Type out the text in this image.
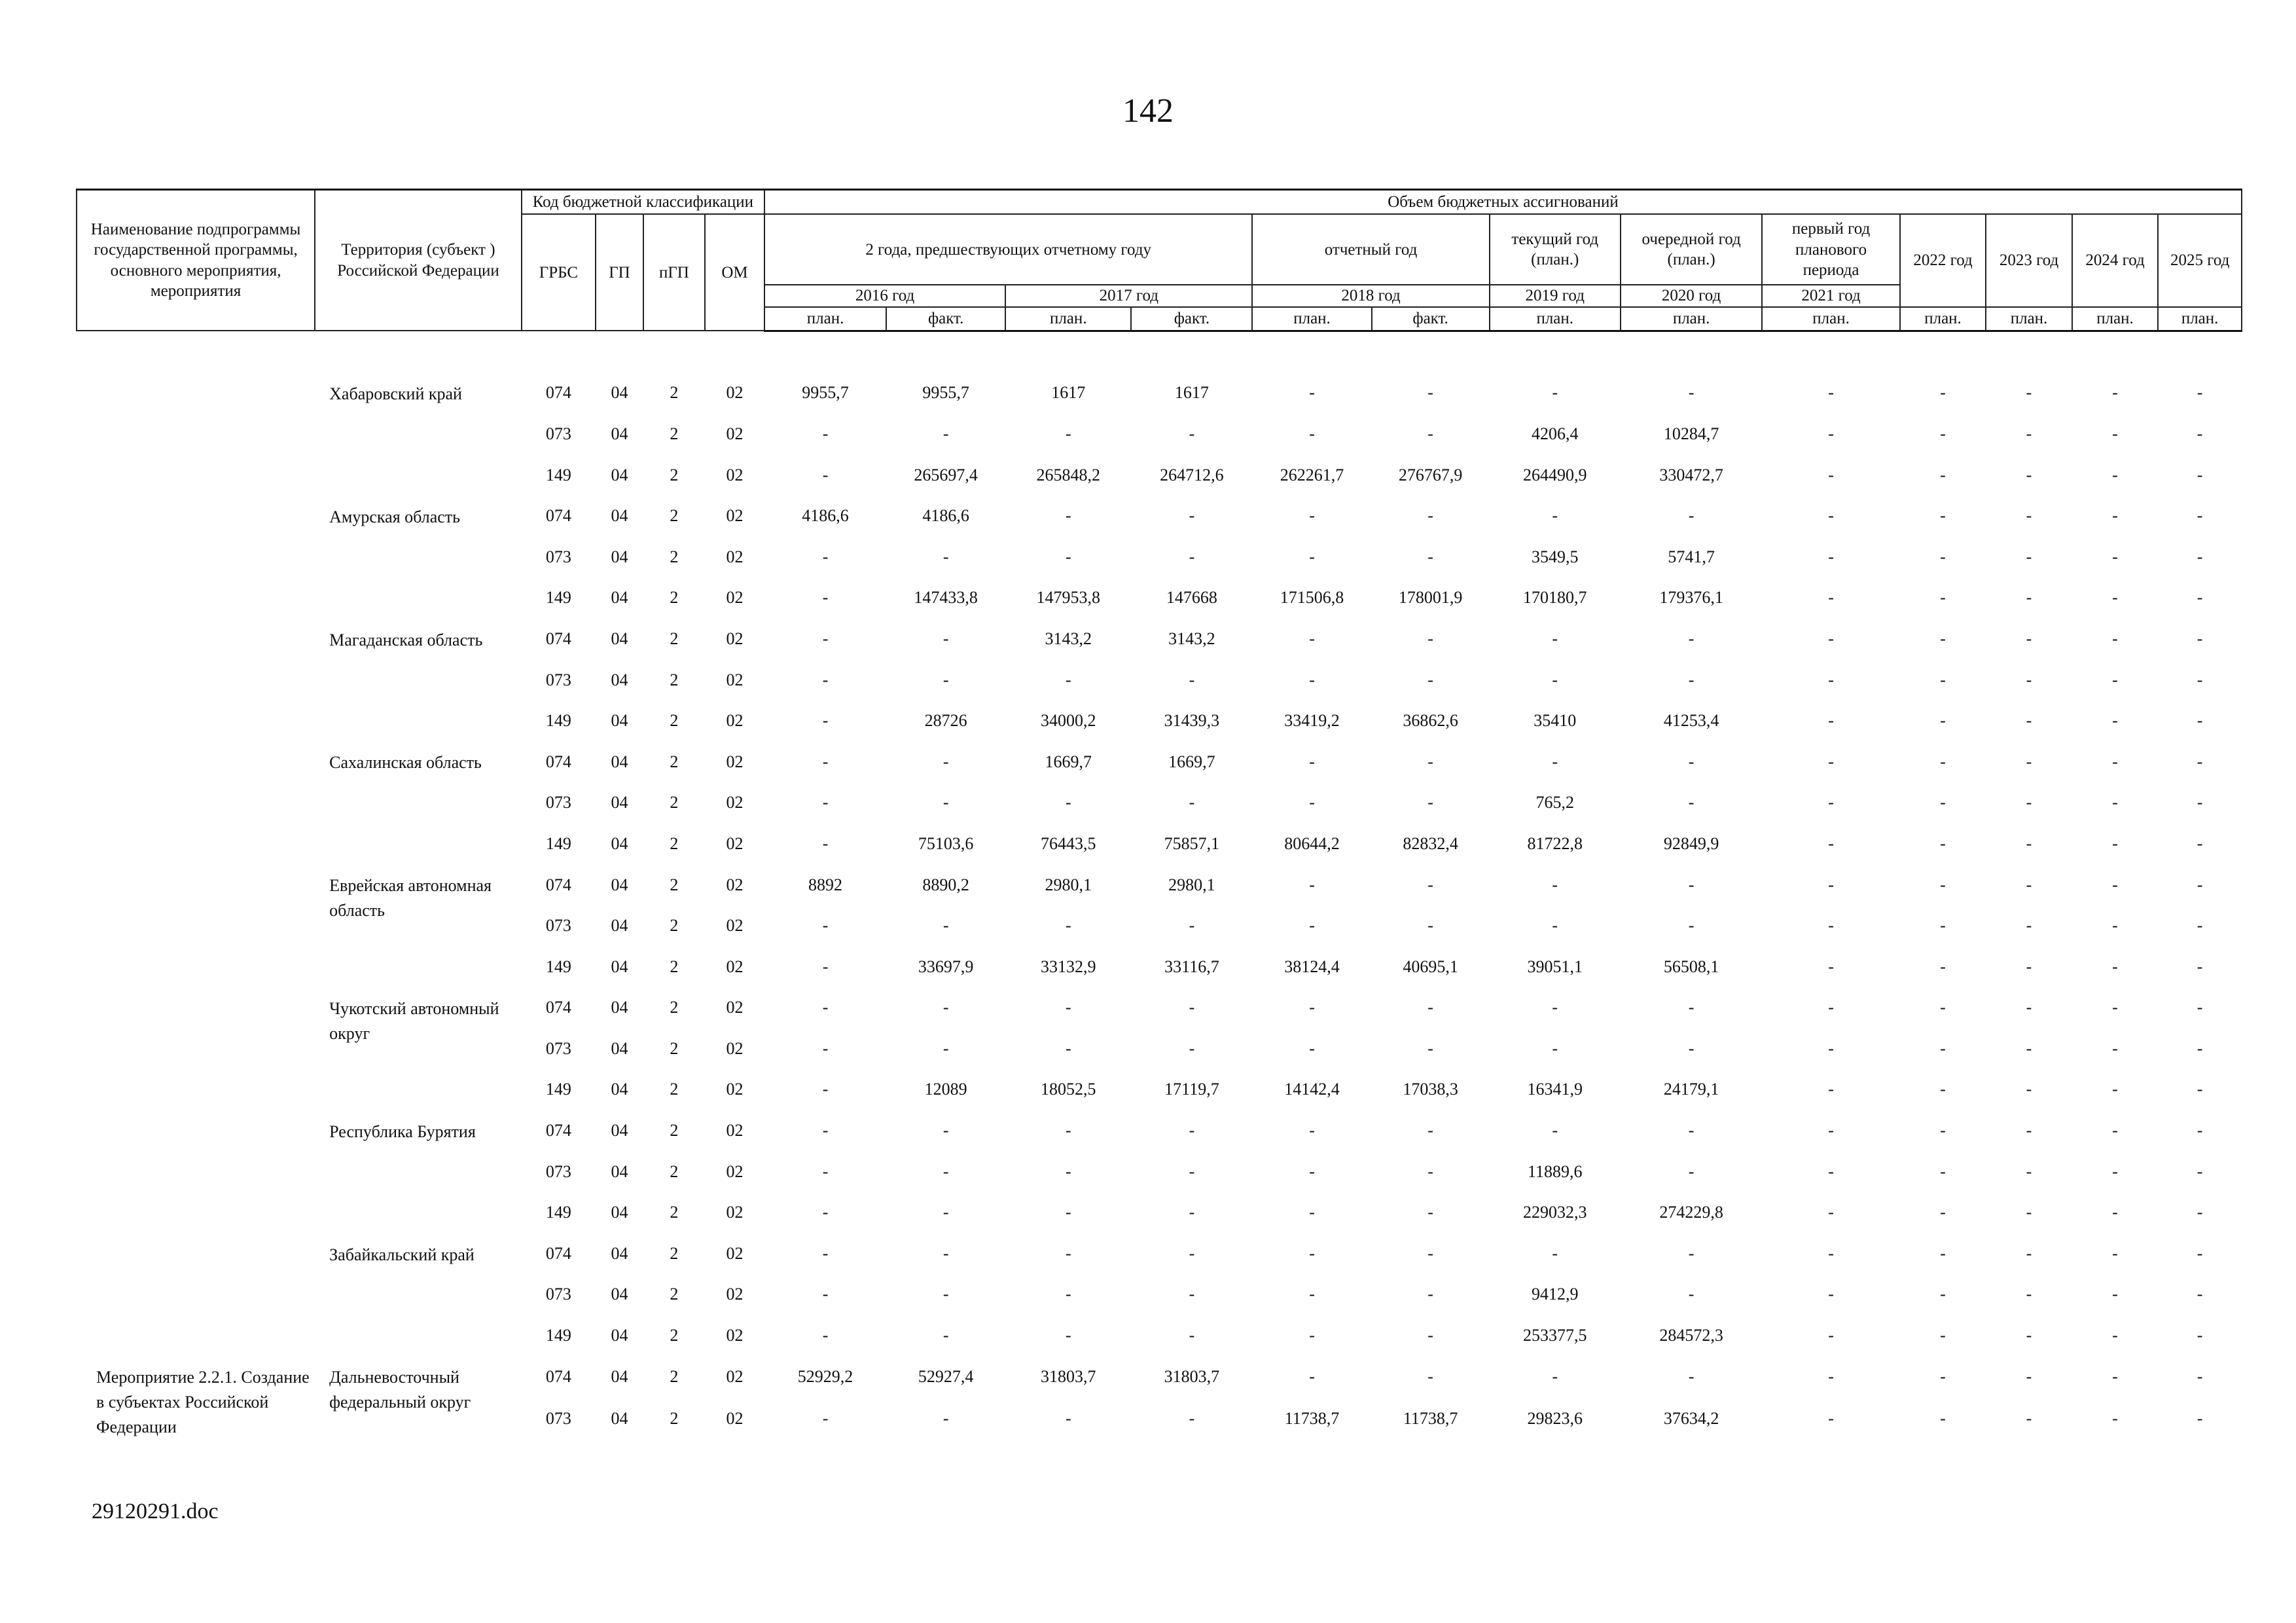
142
Наименование подпрограммы государственной программы, основного мероприятия, мероприятия	Территория (субъект ) Российской Федерации	Код бюджетной классификации				Объем бюджетных ассигнований												
		ГРБС	ГП	пГП	ОМ	2 года, предшествующих отчетному году				отчетный год		текущий год (план.)	очередной год (план.)	первый год планового периода	2022 год	2023 год	2024 год	2025 год
						2016 год		2017 год		2018 год		2019 год	2020 год	2021 год				
						план.	факт.	план.	факт.	план.	факт.	план.	план.	план.	план.	план.	план.	план.

	Хабаровский край	074	04	2	02	9955,7	9955,7	1617	1617	-	-	-	-	-	-	-	-	-
		073	04	2	02	-	-	-	-	-	-	4206,4	10284,7	-	-	-	-	-
		149	04	2	02	-	265697,4	265848,2	264712,6	262261,7	276767,9	264490,9	330472,7	-	-	-	-	-
	Амурская область	074	04	2	02	4186,6	4186,6	-	-	-	-	-	-	-	-	-	-	-
		073	04	2	02	-	-	-	-	-	-	3549,5	5741,7	-	-	-	-	-
		149	04	2	02	-	147433,8	147953,8	147668	171506,8	178001,9	170180,7	179376,1	-	-	-	-	-
	Магаданская область	074	04	2	02	-	-	3143,2	3143,2	-	-	-	-	-	-	-	-	-
		073	04	2	02	-	-	-	-	-	-	-	-	-	-	-	-	-
		149	04	2	02	-	28726	34000,2	31439,3	33419,2	36862,6	35410	41253,4	-	-	-	-	-
	Сахалинская область	074	04	2	02	-	-	1669,7	1669,7	-	-	-	-	-	-	-	-	-
		073	04	2	02	-	-	-	-	-	-	765,2	-	-	-	-	-	-
		149	04	2	02	-	75103,6	76443,5	75857,1	80644,2	82832,4	81722,8	92849,9	-	-	-	-	-
	Еврейская автономная область	074	04	2	02	8892	8890,2	2980,1	2980,1	-	-	-	-	-	-	-	-	-
		073	04	2	02	-	-	-	-	-	-	-	-	-	-	-	-	-
		149	04	2	02	-	33697,9	33132,9	33116,7	38124,4	40695,1	39051,1	56508,1	-	-	-	-	-
	Чукотский автономный округ	074	04	2	02	-	-	-	-	-	-	-	-	-	-	-	-	-
		073	04	2	02	-	-	-	-	-	-	-	-	-	-	-	-	-
		149	04	2	02	-	12089	18052,5	17119,7	14142,4	17038,3	16341,9	24179,1	-	-	-	-	-
	Республика Бурятия	074	04	2	02	-	-	-	-	-	-	-	-	-	-	-	-	-
		073	04	2	02	-	-	-	-	-	-	11889,6	-	-	-	-	-	-
		149	04	2	02	-	-	-	-	-	-	229032,3	274229,8	-	-	-	-	-
	Забайкальский край	074	04	2	02	-	-	-	-	-	-	-	-	-	-	-	-	-
		073	04	2	02	-	-	-	-	-	-	9412,9	-	-	-	-	-	-
		149	04	2	02	-	-	-	-	-	-	253377,5	284572,3	-	-	-	-	-
Мероприятие 2.2.1. Создание в субъектах Российской Федерации	Дальневосточный федеральный округ	074	04	2	02	52929,2	52927,4	31803,7	31803,7	-	-	-	-	-	-	-	-	-
		073	04	2	02	-	-	-	-	11738,7	11738,7	29823,6	37634,2	-	-	-	-	-
29120291.doc
